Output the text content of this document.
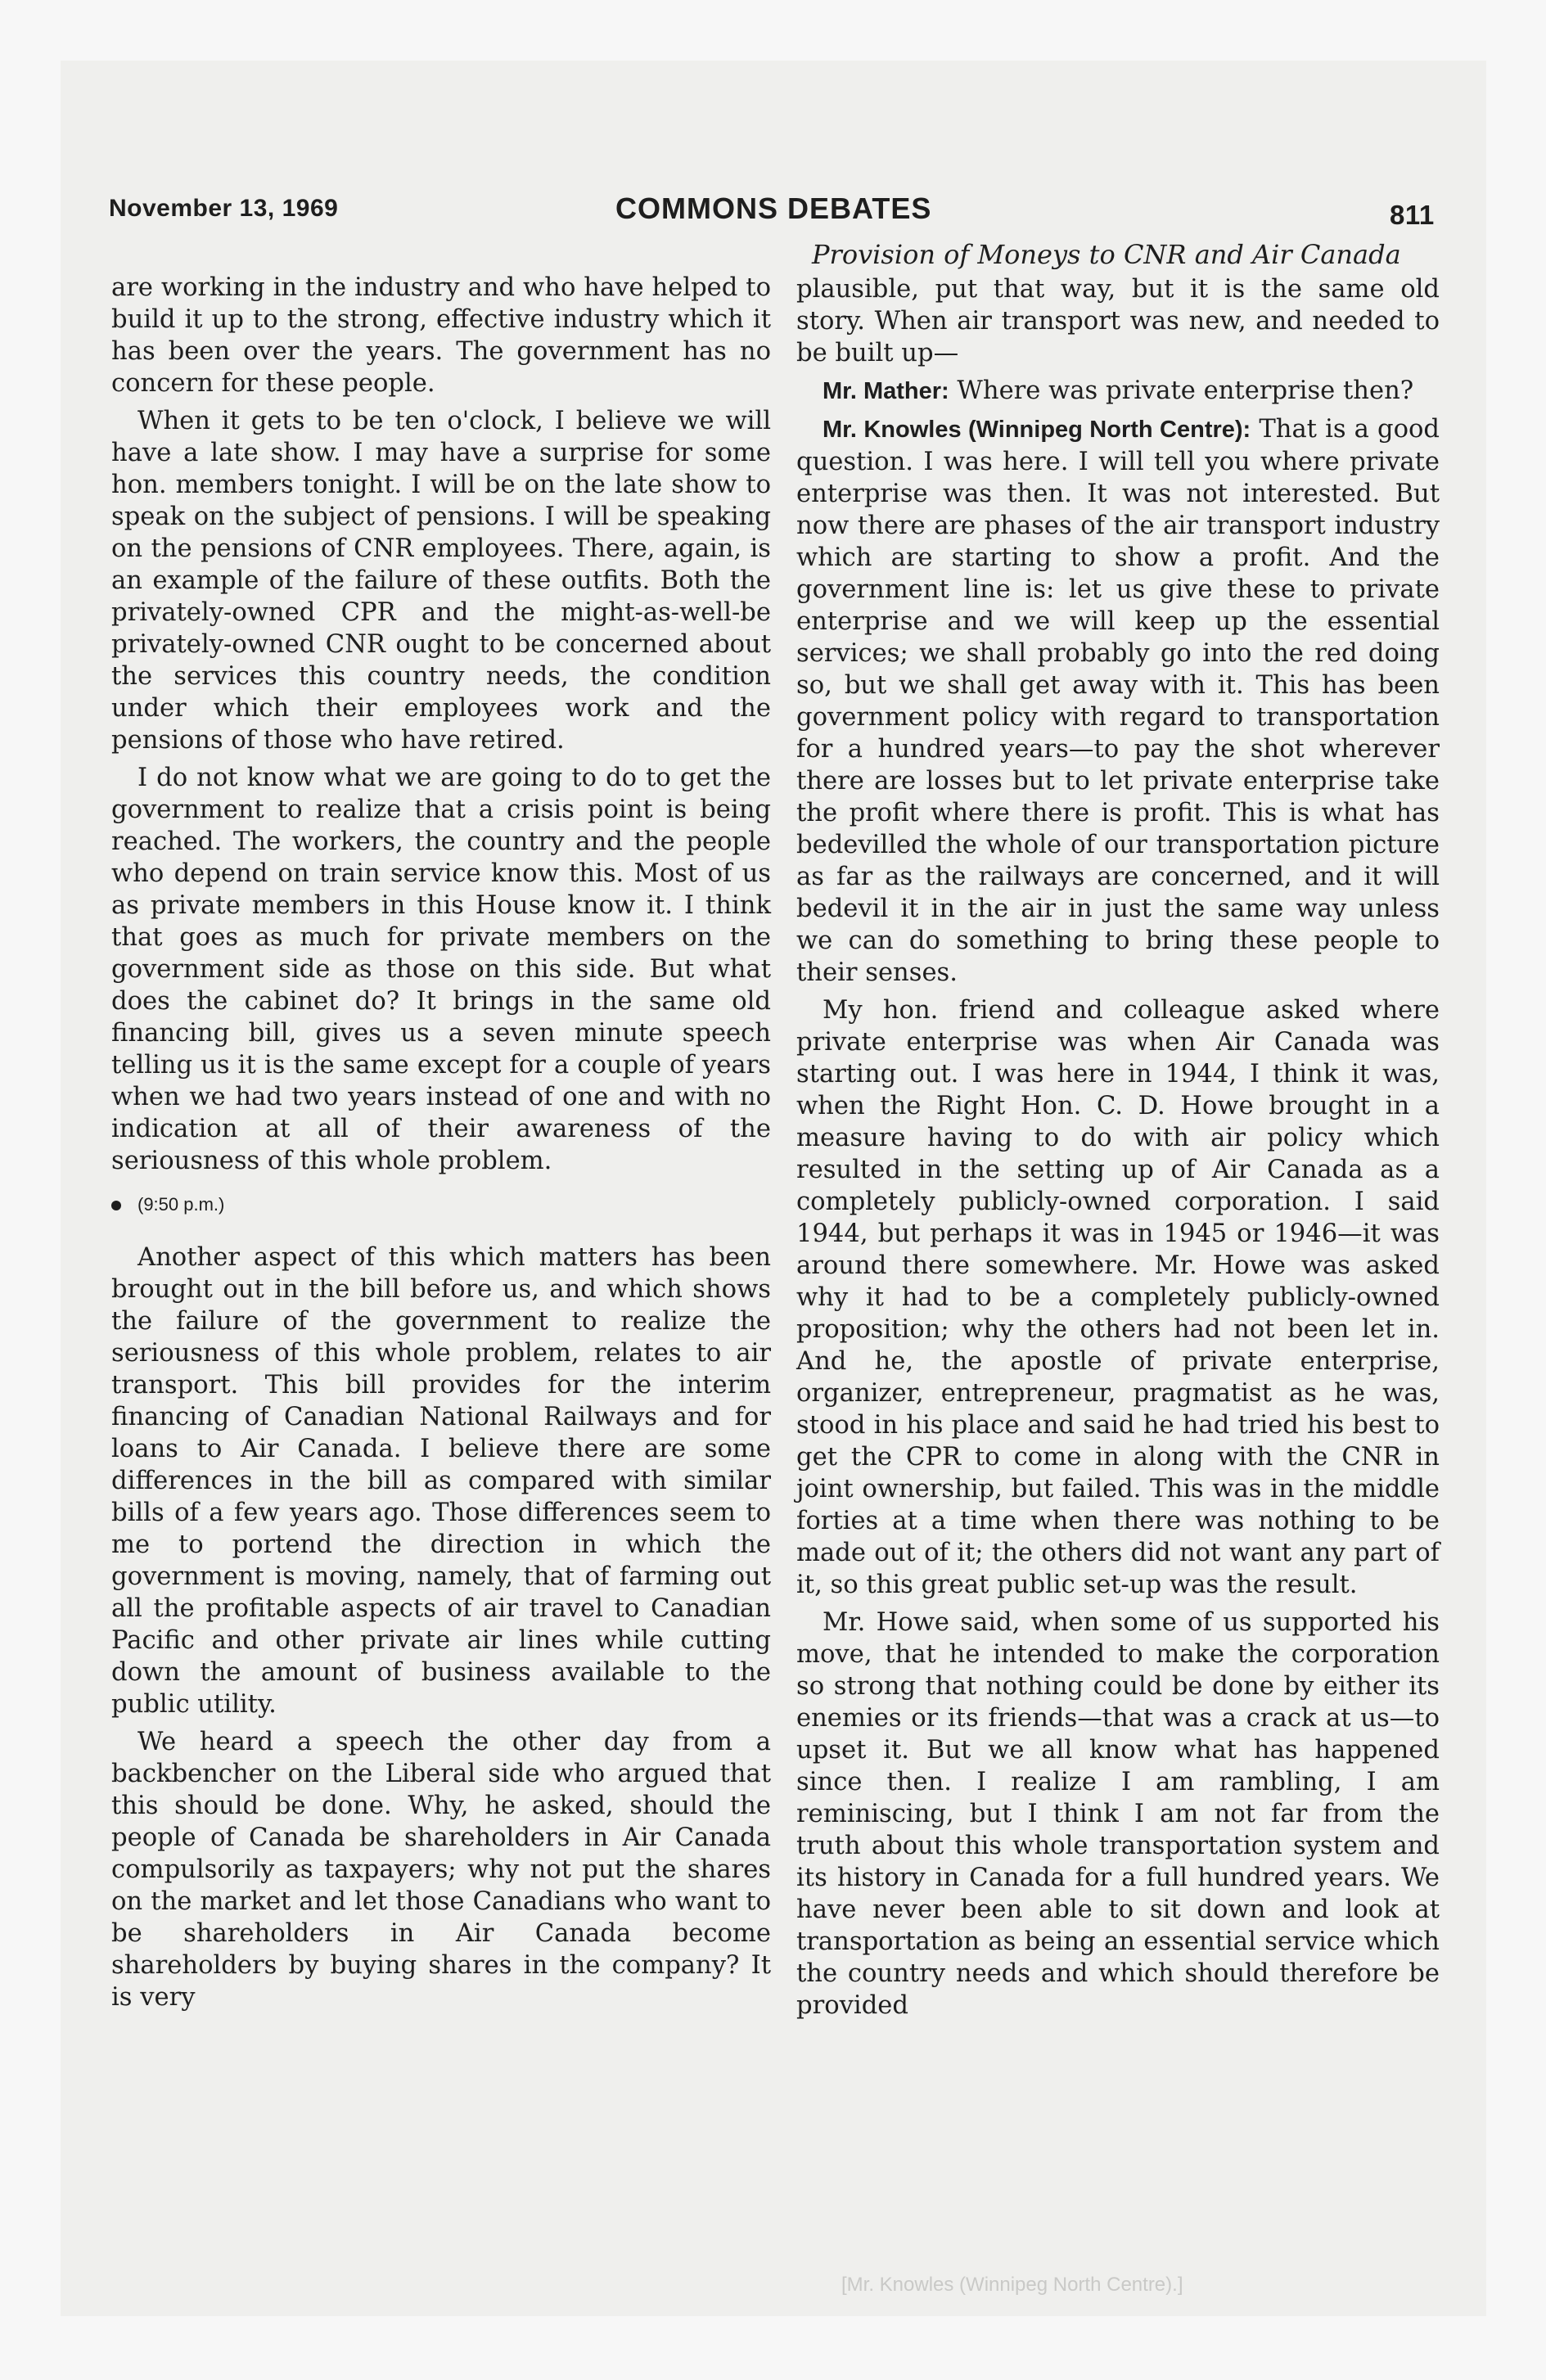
November 13, 1969	COMMONS DEBATES	811
Provision of Moneys to CNR and Air Canada

are working in the industry and who have helped to build it up to the strong, effective industry which it has been over the years. The government has no concern for these people.

When it gets to be ten o'clock, I believe we will have a late show. I may have a surprise for some hon. members tonight. I will be on the late show to speak on the subject of pensions. I will be speaking on the pensions of CNR employees. There, again, is an example of the failure of these outfits. Both the privately-owned CPR and the might-as-well-be privately-owned CNR ought to be concerned about the services this country needs, the condition under which their employees work and the pensions of those who have retired.

I do not know what we are going to do to get the government to realize that a crisis point is being reached. The workers, the country and the people who depend on train service know this. Most of us as private members in this House know it. I think that goes as much for private members on the government side as those on this side. But what does the cabinet do? It brings in the same old financing bill, gives us a seven minute speech telling us it is the same except for a couple of years when we had two years instead of one and with no indication at all of their awareness of the seriousness of this whole problem.

(9:50 p.m.)

Another aspect of this which matters has been brought out in the bill before us, and which shows the failure of the government to realize the seriousness of this whole problem, relates to air transport. This bill provides for the interim financing of Canadian National Railways and for loans to Air Canada. I believe there are some differences in the bill as compared with similar bills of a few years ago. Those differences seem to me to portend the direction in which the government is moving, namely, that of farming out all the profitable aspects of air travel to Canadian Pacific and other private air lines while cutting down the amount of business available to the public utility.

We heard a speech the other day from a backbencher on the Liberal side who argued that this should be done. Why, he asked, should the people of Canada be shareholders in Air Canada compulsorily as taxpayers; why not put the shares on the market and let those Canadians who want to be shareholders in Air Canada become shareholders by buying shares in the company? It is very

plausible, put that way, but it is the same old story. When air transport was new, and needed to be built up—

Mr. Mather: Where was private enterprise then?

Mr. Knowles (Winnipeg North Centre): That is a good question. I was here. I will tell you where private enterprise was then. It was not interested. But now there are phases of the air transport industry which are starting to show a profit. And the government line is: let us give these to private enterprise and we will keep up the essential services; we shall probably go into the red doing so, but we shall get away with it. This has been government policy with regard to transportation for a hundred years—to pay the shot wherever there are losses but to let private enterprise take the profit where there is profit. This is what has bedevilled the whole of our transportation picture as far as the railways are concerned, and it will bedevil it in the air in just the same way unless we can do something to bring these people to their senses.

My hon. friend and colleague asked where private enterprise was when Air Canada was starting out. I was here in 1944, I think it was, when the Right Hon. C. D. Howe brought in a measure having to do with air policy which resulted in the setting up of Air Canada as a completely publicly-owned corporation. I said 1944, but perhaps it was in 1945 or 1946—it was around there somewhere. Mr. Howe was asked why it had to be a completely publicly-owned proposition; why the others had not been let in. And he, the apostle of private enterprise, organizer, entrepreneur, pragmatist as he was, stood in his place and said he had tried his best to get the CPR to come in along with the CNR in joint ownership, but failed. This was in the middle forties at a time when there was nothing to be made out of it; the others did not want any part of it, so this great public set-up was the result.

Mr. Howe said, when some of us supported his move, that he intended to make the corporation so strong that nothing could be done by either its enemies or its friends—that was a crack at us—to upset it. But we all know what has happened since then. I realize I am rambling, I am reminiscing, but I think I am not far from the truth about this whole transportation system and its history in Canada for a full hundred years. We have never been able to sit down and look at transportation as being an essential service which the country needs and which should therefore be provided

[Mr. Knowles (Winnipeg North Centre).]
